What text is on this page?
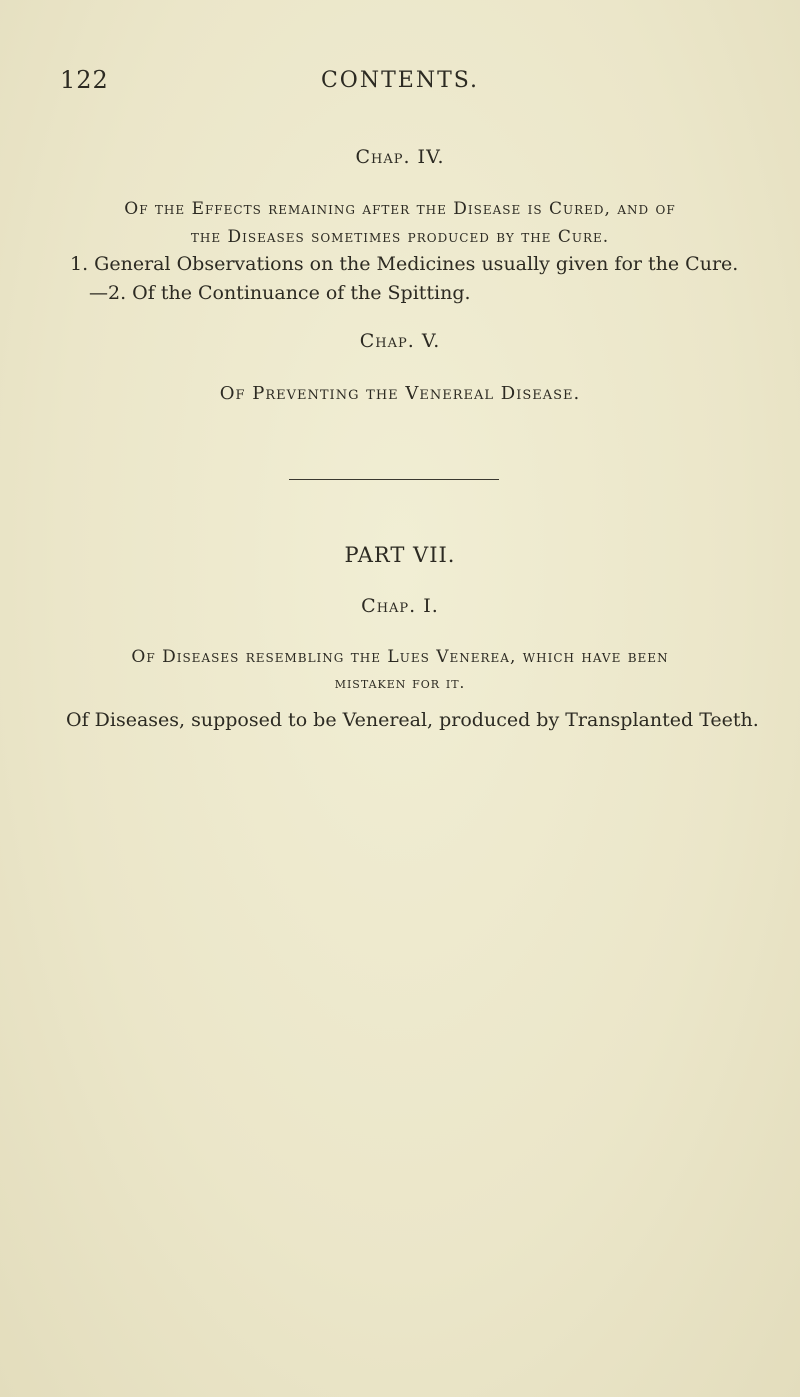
122	CONTENTS.
Chap. IV.
Of the Effects remaining after the Disease is Cured, and of
the Diseases sometimes produced by the Cure.
1. General Observations on the Medicines usually given for the Cure.
—2. Of the Continuance of the Spitting.
Chap. V.
Of Preventing the Venereal Disease.
PART VII.
Chap. I.
Of Diseases resembling the Lues Venerea, which have been
mistaken for it.
Of Diseases, supposed to be Venereal, produced by Transplanted Teeth.
